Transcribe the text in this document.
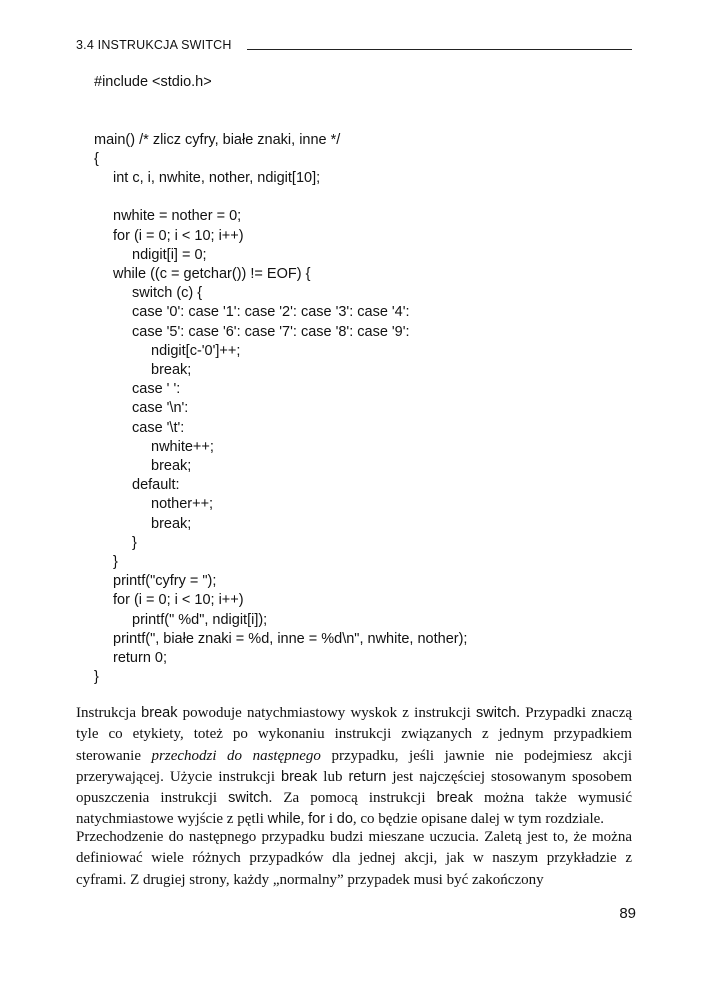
3.4 INSTRUKCJA SWITCH
#include <stdio.h>
main() /* zlicz cyfry, białe znaki, inne */
{
int c, i, nwhite, nother, ndigit[10];
nwhite = nother = 0;
for (i = 0; i < 10; i++)
ndigit[i] = 0;
while ((c = getchar()) != EOF) {
switch (c) {
case '0': case '1': case '2': case '3': case '4':
case '5': case '6': case '7': case '8': case '9':
ndigit[c-'0']++;
break;
case ' ':
case '\n':
case '\t':
nwhite++;
break;
default:
nother++;
break;
}
}
printf("cyfry = ");
for (i = 0; i < 10; i++)
printf(" %d", ndigit[i]);
printf(", białe znaki = %d, inne = %d\n", nwhite, nother);
return 0;
}

Instrukcja break powoduje natychmiastowy wyskok z instrukcji switch. Przypadki znaczą tyle co etykiety, toteż po wykonaniu instrukcji związanych z jednym przypadkiem sterowanie przechodzi do następnego przypadku, jeśli jawnie nie podejmiesz akcji przerywającej. Użycie instrukcji break lub return jest najczęściej stosowanym sposobem opuszczenia instrukcji switch. Za pomocą instrukcji break można także wymusić natychmiastowe wyjście z pętli while, for i do, co będzie opisane dalej w tym rozdziale.

Przechodzenie do następnego przypadku budzi mieszane uczucia. Zaletą jest to, że można definiować wiele różnych przypadków dla jednej akcji, jak w naszym przykładzie z cyframi. Z drugiej strony, każdy „normalny” przypadek musi być zakończony

89
